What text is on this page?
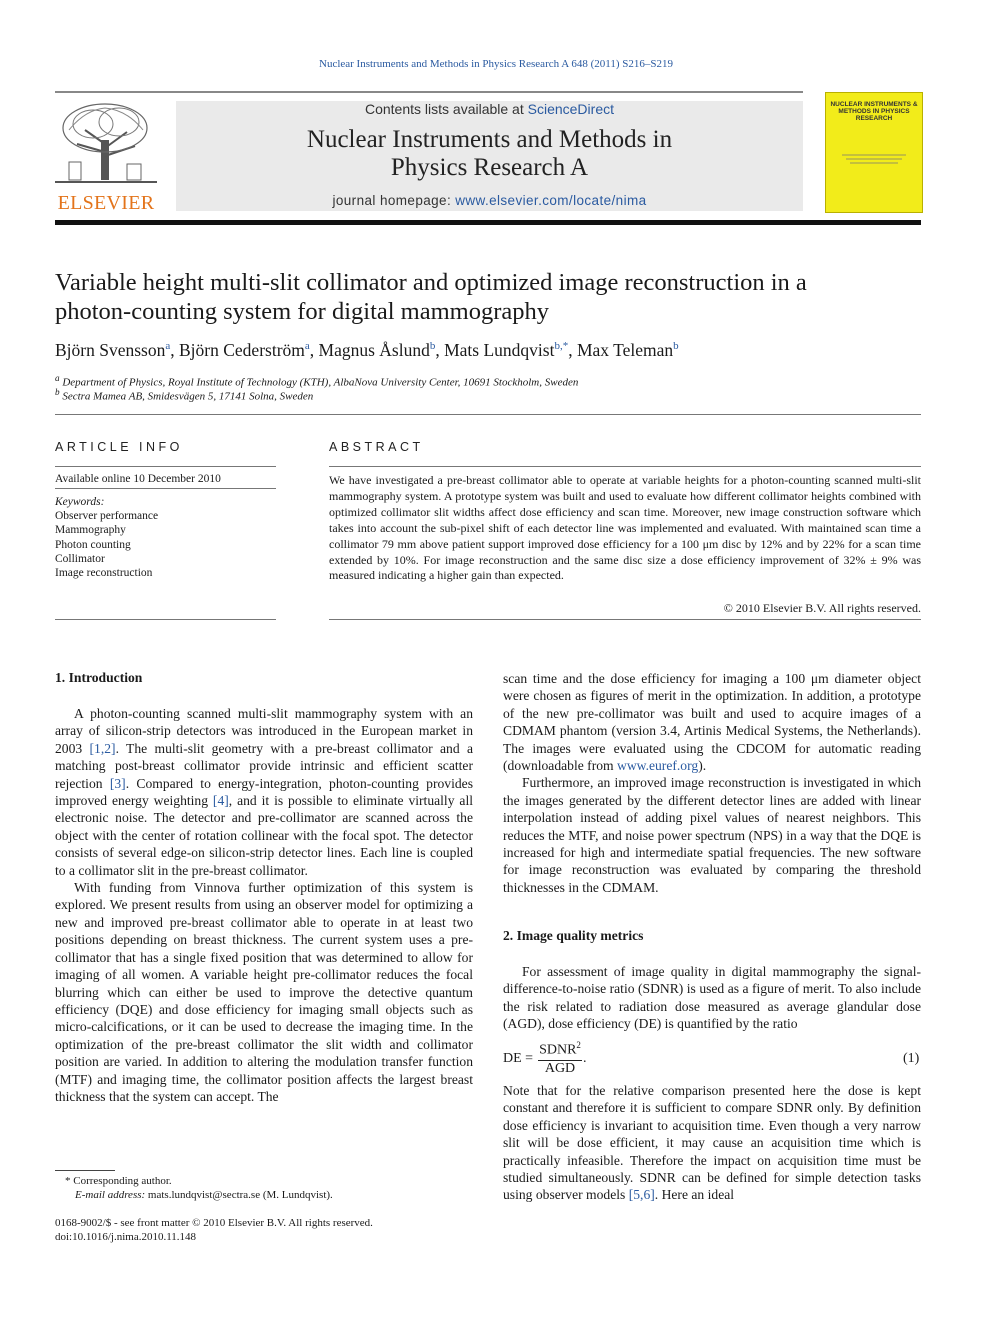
Nuclear Instruments and Methods in Physics Research A 648 (2011) S216–S219
ELSEVIER
Contents lists available at ScienceDirect
Nuclear Instruments and Methods in
Physics Research A
journal homepage: www.elsevier.com/locate/nima
NUCLEAR INSTRUMENTS & METHODS IN PHYSICS RESEARCH
Variable height multi-slit collimator and optimized image reconstruction in a
photon-counting system for digital mammography
Björn Svensson$^a$, Björn Cederström$^a$, Magnus Åslund$^b$, Mats Lundqvist$^{b,*}$, Max Teleman$^b$
$^a$ Department of Physics, Royal Institute of Technology (KTH), AlbaNova University Center, 10691 Stockholm, Sweden
$^b$ Sectra Mamea AB, Smidesvägen 5, 17141 Solna, Sweden
ARTICLE INFO
Available online 10 December 2010
Keywords:
Observer performance
Mammography
Photon counting
Collimator
Image reconstruction
ABSTRACT
We have investigated a pre-breast collimator able to operate at variable heights for a photon-counting scanned multi-slit mammography system. A prototype system was built and used to evaluate how different collimator heights combined with optimized collimator slit widths affect dose efficiency and scan time. Moreover, new image construction software which takes into account the sub-pixel shift of each detector line was implemented and evaluated. With maintained scan time a collimator 79 mm above patient support improved dose efficiency for a 100 μm disc by 12% and by 22% for a scan time extended by 10%. For image reconstruction and the same disc size a dose efficiency improvement of 32% ± 9% was measured indicating a higher gain than expected.
© 2010 Elsevier B.V. All rights reserved.
1. Introduction

A photon-counting scanned multi-slit mammography system with an array of silicon-strip detectors was introduced in the European market in 2003 [1,2]. The multi-slit geometry with a pre-breast collimator and a matching post-breast collimator provide intrinsic and efficient scatter rejection [3]. Compared to energy-integration, photon-counting provides improved energy weighting [4], and it is possible to eliminate virtually all electronic noise. The detector and pre-collimator are scanned across the object with the center of rotation collinear with the focal spot. The detector consists of several edge-on silicon-strip detector lines. Each line is coupled to a collimator slit in the pre-breast collimator.

With funding from Vinnova further optimization of this system is explored. We present results from using an observer model for optimizing a new and improved pre-breast collimator able to operate in at least two positions depending on breast thickness. The current system uses a pre-collimator that has a single fixed position that was determined to allow for imaging of all women. A variable height pre-collimator reduces the focal blurring which can either be used to improve the detective quantum efficiency (DQE) and dose efficiency for imaging small objects such as micro-calcifications, or it can be used to decrease the imaging time. In the optimization of the pre-breast collimator the slit width and collimator position are varied. In addition to altering the modulation transfer function (MTF) and imaging time, the collimator position affects the largest breast thickness that the system can accept. The

* Corresponding author.
E-mail address: mats.lundqvist@sectra.se (M. Lundqvist).
0168-9002/$ - see front matter © 2010 Elsevier B.V. All rights reserved.
doi:10.1016/j.nima.2010.11.148

scan time and the dose efficiency for imaging a 100 μm diameter object were chosen as figures of merit in the optimization. In addition, a prototype of the new pre-collimator was built and used to acquire images of a CDMAM phantom (version 3.4, Artinis Medical Systems, the Netherlands). The images were evaluated using the CDCOM for automatic reading (downloadable from www.euref.org).

Furthermore, an improved image reconstruction is investigated in which the images generated by the different detector lines are added with linear interpolation instead of adding pixel values of nearest neighbors. This reduces the MTF, and noise power spectrum (NPS) in a way that the DQE is increased for high and intermediate spatial frequencies. The new software for image reconstruction was evaluated by comparing the threshold thicknesses in the CDMAM.

2. Image quality metrics

For assessment of image quality in digital mammography the signal-difference-to-noise ratio (SDNR) is used as a figure of merit. To also include the risk related to radiation dose measured as average glandular dose (AGD), dose efficiency (DE) is quantified by the ratio

DE =
$SDNR^2$
AGD
.	(1)

Note that for the relative comparison presented here the dose is kept constant and therefore it is sufficient to compare SDNR only. By definition dose efficiency is invariant to acquisition time. Even though a very narrow slit will be dose efficient, it may cause an acquisition time which is practically infeasible. Therefore the impact on acquisition time must be studied simultaneously. SDNR can be defined for simple detection tasks using observer models [5,6]. Here an ideal
